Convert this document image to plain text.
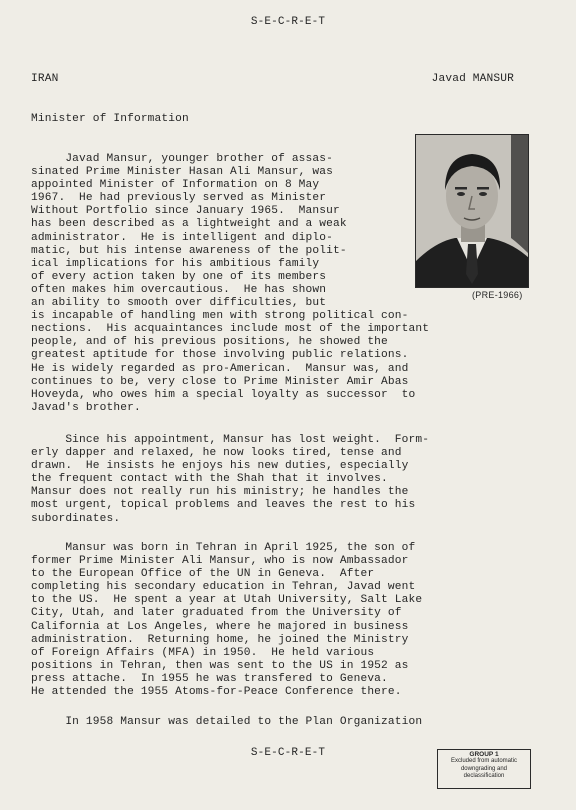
S-E-C-R-E-T
IRAN	Javad MANSUR
Minister of Information
(PRE-1966)
Javad Mansur, younger brother of assas-
sinated Prime Minister Hasan Ali Mansur, was
appointed Minister of Information on 8 May
1967.  He had previously served as Minister
Without Portfolio since January 1965.  Mansur
has been described as a lightweight and a weak
administrator.  He is intelligent and diplo-
matic, but his intense awareness of the polit-
ical implications for his ambitious family
of every action taken by one of its members
often makes him overcautious.  He has shown
an ability to smooth over difficulties, but
is incapable of handling men with strong political con-
nections.  His acquaintances include most of the important
people, and of his previous positions, he showed the
greatest aptitude for those involving public relations.
He is widely regarded as pro-American.  Mansur was, and
continues to be, very close to Prime Minister Amir Abas
Hoveyda, who owes him a special loyalty as successor  to
Javad's brother.
Since his appointment, Mansur has lost weight.  Form-
erly dapper and relaxed, he now looks tired, tense and
drawn.  He insists he enjoys his new duties, especially
the frequent contact with the Shah that it involves.
Mansur does not really run his ministry; he handles the
most urgent, topical problems and leaves the rest to his
subordinates.
Mansur was born in Tehran in April 1925, the son of
former Prime Minister Ali Mansur, who is now Ambassador
to the European Office of the UN in Geneva.  After
completing his secondary education in Tehran, Javad went
to the US.  He spent a year at Utah University, Salt Lake
City, Utah, and later graduated from the University of
California at Los Angeles, where he majored in business
administration.  Returning home, he joined the Ministry
of Foreign Affairs (MFA) in 1950.  He held various
positions in Tehran, then was sent to the US in 1952 as
press attache.  In 1955 he was transfered to Geneva.
He attended the 1955 Atoms-for-Peace Conference there.
In 1958 Mansur was detailed to the Plan Organization
S-E-C-R-E-T	GROUP 1
Excluded from automatic
downgrading and
declassification
